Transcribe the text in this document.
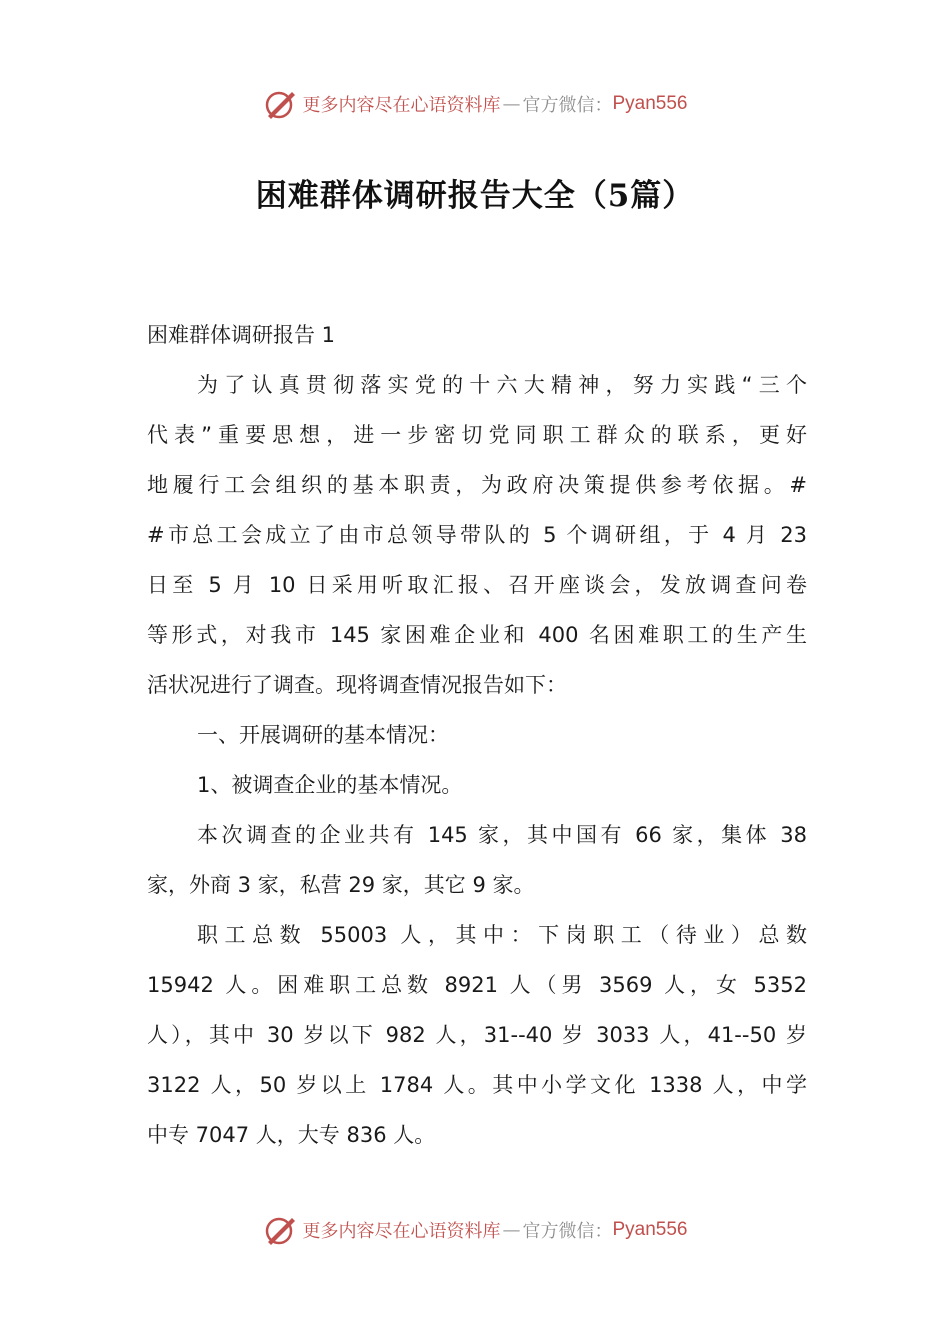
更多内容尽在心语资料库 — 官方微信： Pyan556
困难群体调研报告大全（5篇）
困难群体调研报告 1
为了认真贯彻落实党的十六大精神，努力实践“三个
代表”重要思想，进一步密切党同职工群众的联系，更好
地履行工会组织的基本职责，为政府决策提供参考依据。#
#市总工会成立了由市总领导带队的 5 个调研组，于 4 月 23
日至 5 月 10 日采用听取汇报、召开座谈会，发放调查问卷
等形式，对我市 145 家困难企业和 400 名困难职工的生产生
活状况进行了调查。现将调查情况报告如下：
一、开展调研的基本情况：
1、被调查企业的基本情况。
本次调查的企业共有 145 家，其中国有 66 家，集体 38
家，外商 3 家，私营 29 家，其它 9 家。
职工总数 55003 人，其中：下岗职工（待业）总数
15942 人。困难职工总数 8921 人（男 3569 人，女 5352
人），其中 30 岁以下 982 人，31--40 岁 3033 人，41--50 岁
3122 人，50 岁以上 1784 人。其中小学文化 1338 人，中学
中专 7047 人，大专 836 人。
更多内容尽在心语资料库 — 官方微信： Pyan556
